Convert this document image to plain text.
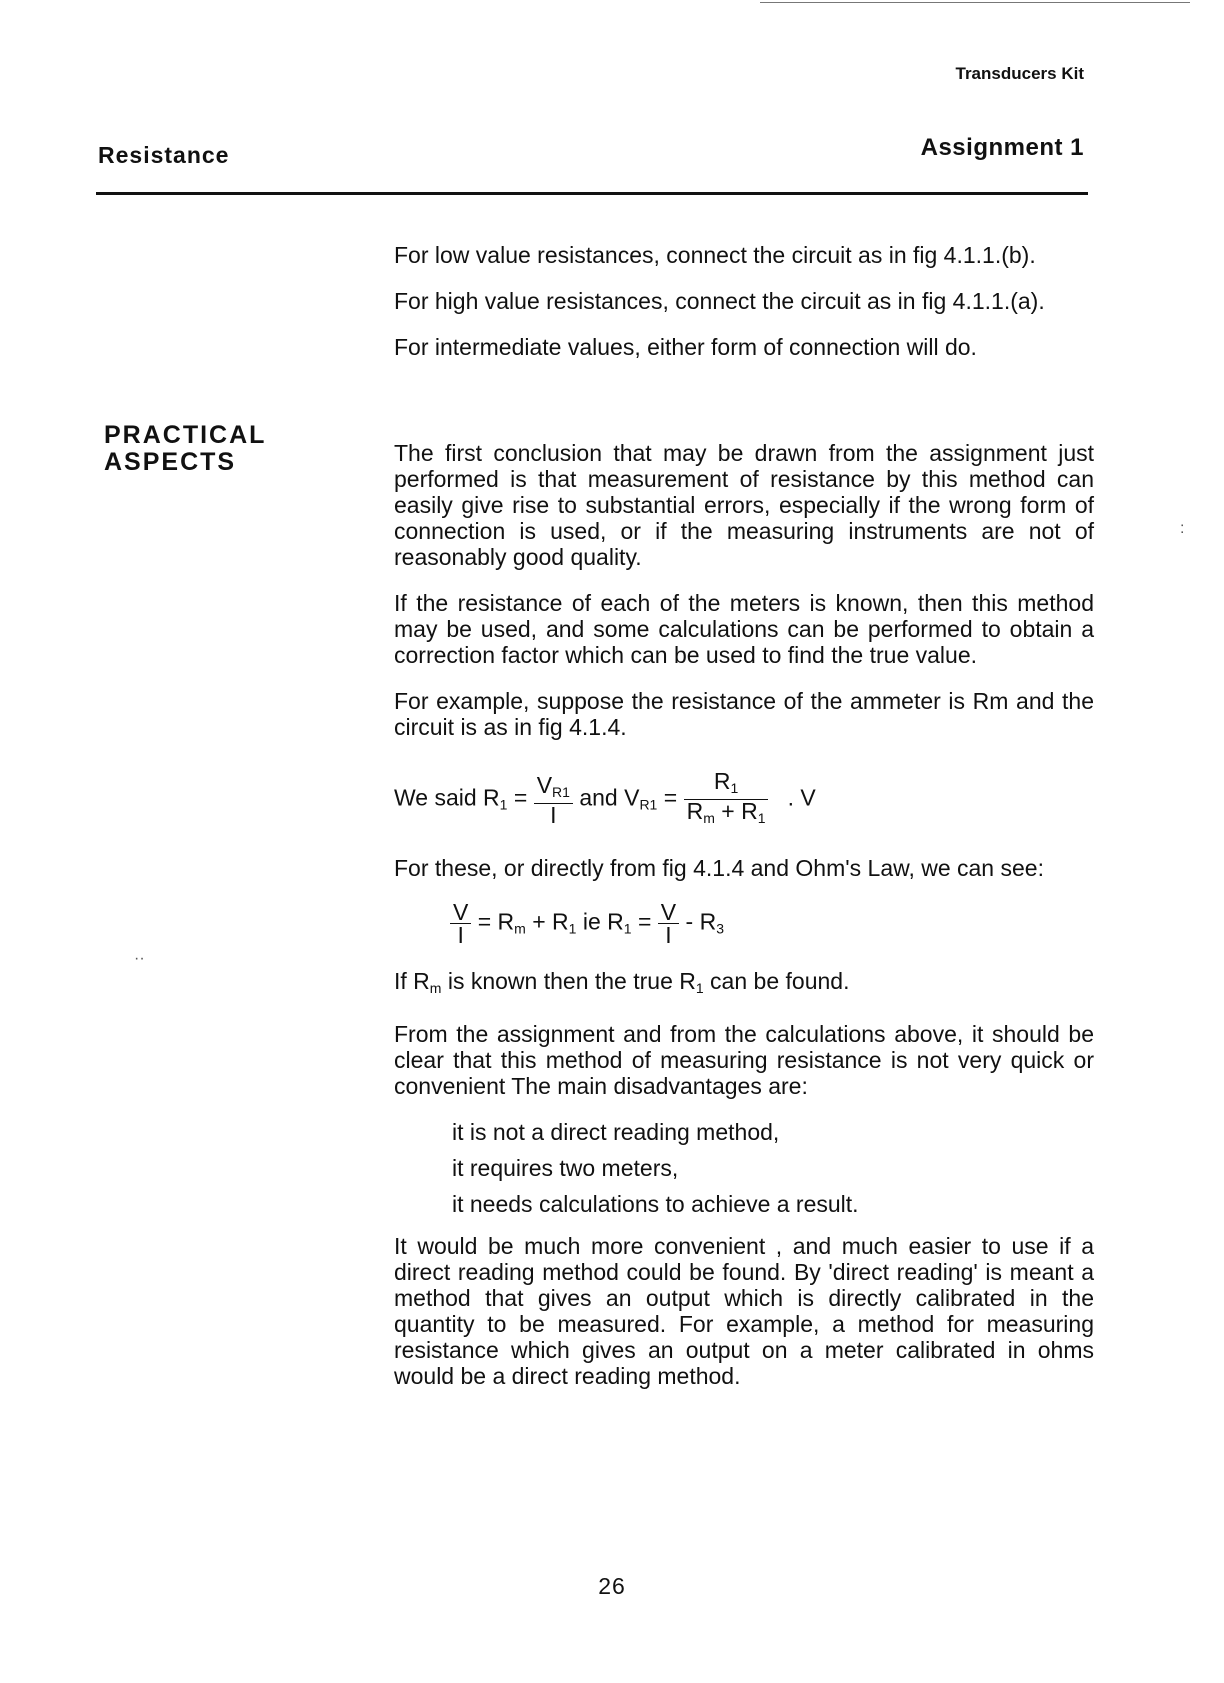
Transducers Kit
Resistance	Assignment 1
PRACTICAL
ASPECTS

For low value resistances, connect the circuit as in fig 4.1.1.(b).

For high value resistances, connect the circuit as in fig 4.1.1.(a).

For intermediate values, either form of connection will do.

The first conclusion that may be drawn from the assignment just performed is that measurement of resistance by this method can easily give rise to substantial errors, especially if the wrong form of connection is used, or if the measuring instruments are not of reasonably good quality.

If the resistance of each of the meters is known, then this method may be used, and some calculations can be performed to obtain a correction factor which can be used to find the true value.

For example, suppose the resistance of the ammeter is Rm and the circuit is as in fig 4.1.4.

We said $R_1 = \frac{V_{R1}}{I}$ and $V_{R1} = \frac{R_1}{R_m + R_1}$ . V

For these, or directly from fig 4.1.4 and Ohm's Law, we can see:

$\frac{V}{I} = R_m + R_1$ ie $R_1 = \frac{V}{I} - R_3$

If $R_m$ is known then the true $R_1$ can be found.

From the assignment and from the calculations above, it should be clear that this method of measuring resistance is not very quick or convenient The main disadvantages are:

it is not a direct reading method,
it requires two meters,
it needs calculations to achieve a result.

It would be much more convenient , and much easier to use if a direct reading method could be found. By 'direct reading' is meant a method that gives an output which is directly calibrated in the quantity to be measured. For example, a method for measuring resistance which gives an output on a meter calibrated in ohms would be a direct reading method.

:
··
26
